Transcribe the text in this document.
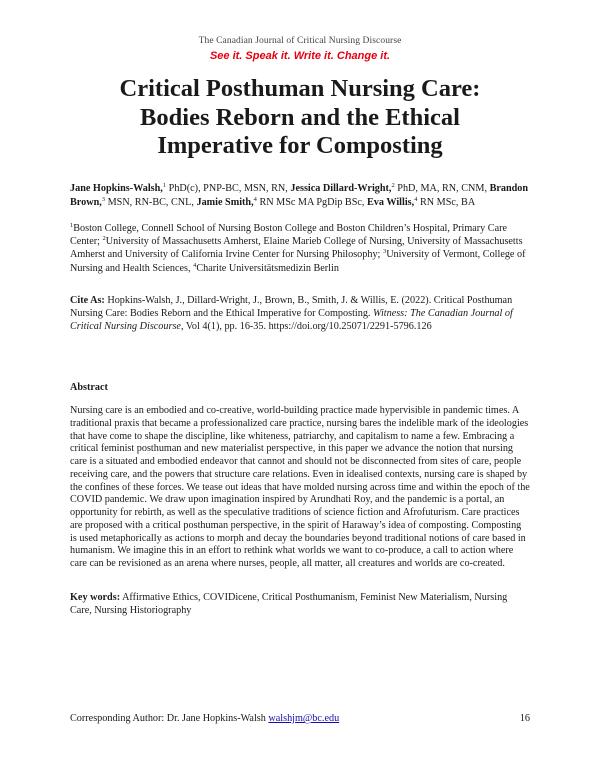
The Canadian Journal of Critical Nursing Discourse
See it. Speak it. Write it. Change it.
Critical Posthuman Nursing Care:
Bodies Reborn and the Ethical
Imperative for Composting
Jane Hopkins-Walsh,$^1$ PhD(c), PNP-BC, MSN, RN, Jessica Dillard-Wright,$^2$ PhD, MA, RN, CNM, Brandon Brown,$^3$ MSN, RN-BC, CNL, Jamie Smith,$^4$ RN MSc MA PgDip BSc, Eva Willis,$^4$ RN MSc, BA
$^1$Boston College, Connell School of Nursing Boston College and Boston Children’s Hospital, Primary Care Center; $^2$University of Massachusetts Amherst, Elaine Marieb College of Nursing, University of Massachusetts Amherst and University of California Irvine Center for Nursing Philosophy; $^3$University of Vermont, College of Nursing and Health Sciences, $^4$Charite Universitätsmedizin Berlin
Cite As: Hopkins-Walsh, J., Dillard-Wright, J., Brown, B., Smith, J. & Willis, E. (2022). Critical Posthuman Nursing Care: Bodies Reborn and the Ethical Imperative for Composting. Witness: The Canadian Journal of Critical Nursing Discourse, Vol 4(1), pp. 16-35. https://doi.org/10.25071/2291-5796.126
Abstract
Nursing care is an embodied and co-creative, world-building practice made hypervisible in pandemic times. A traditional praxis that became a professionalized care practice, nursing bares the indelible mark of the ideologies that have come to shape the discipline, like whiteness, patriarchy, and capitalism to name a few. Embracing a critical feminist posthuman and new materialist perspective, in this paper we advance the notion that nursing care is a situated and embodied endeavor that cannot and should not be disconnected from sites of care, people receiving care, and the powers that structure care relations. Even in idealised contexts, nursing care is shaped by the confines of these forces. We tease out ideas that have molded nursing across time and within the epoch of the COVID pandemic. We draw upon imagination inspired by Arundhati Roy, and the pandemic is a portal, an opportunity for rebirth, as well as the speculative traditions of science fiction and Afrofuturism. Care practices are proposed with a critical posthuman perspective, in the spirit of Haraway’s idea of composting. Composting is used metaphorically as actions to morph and decay the boundaries beyond traditional notions of care based in humanism. We imagine this in an effort to rethink what worlds we want to co-produce, a call to action where care can be revisioned as an arena where nurses, people, all matter, all creatures and worlds are co-created.
Key words: Affirmative Ethics, COVIDicene, Critical Posthumanism, Feminist New Materialism, Nursing Care, Nursing Historiography
Corresponding Author: Dr. Jane Hopkins-Walsh walshjm@bc.edu	16
